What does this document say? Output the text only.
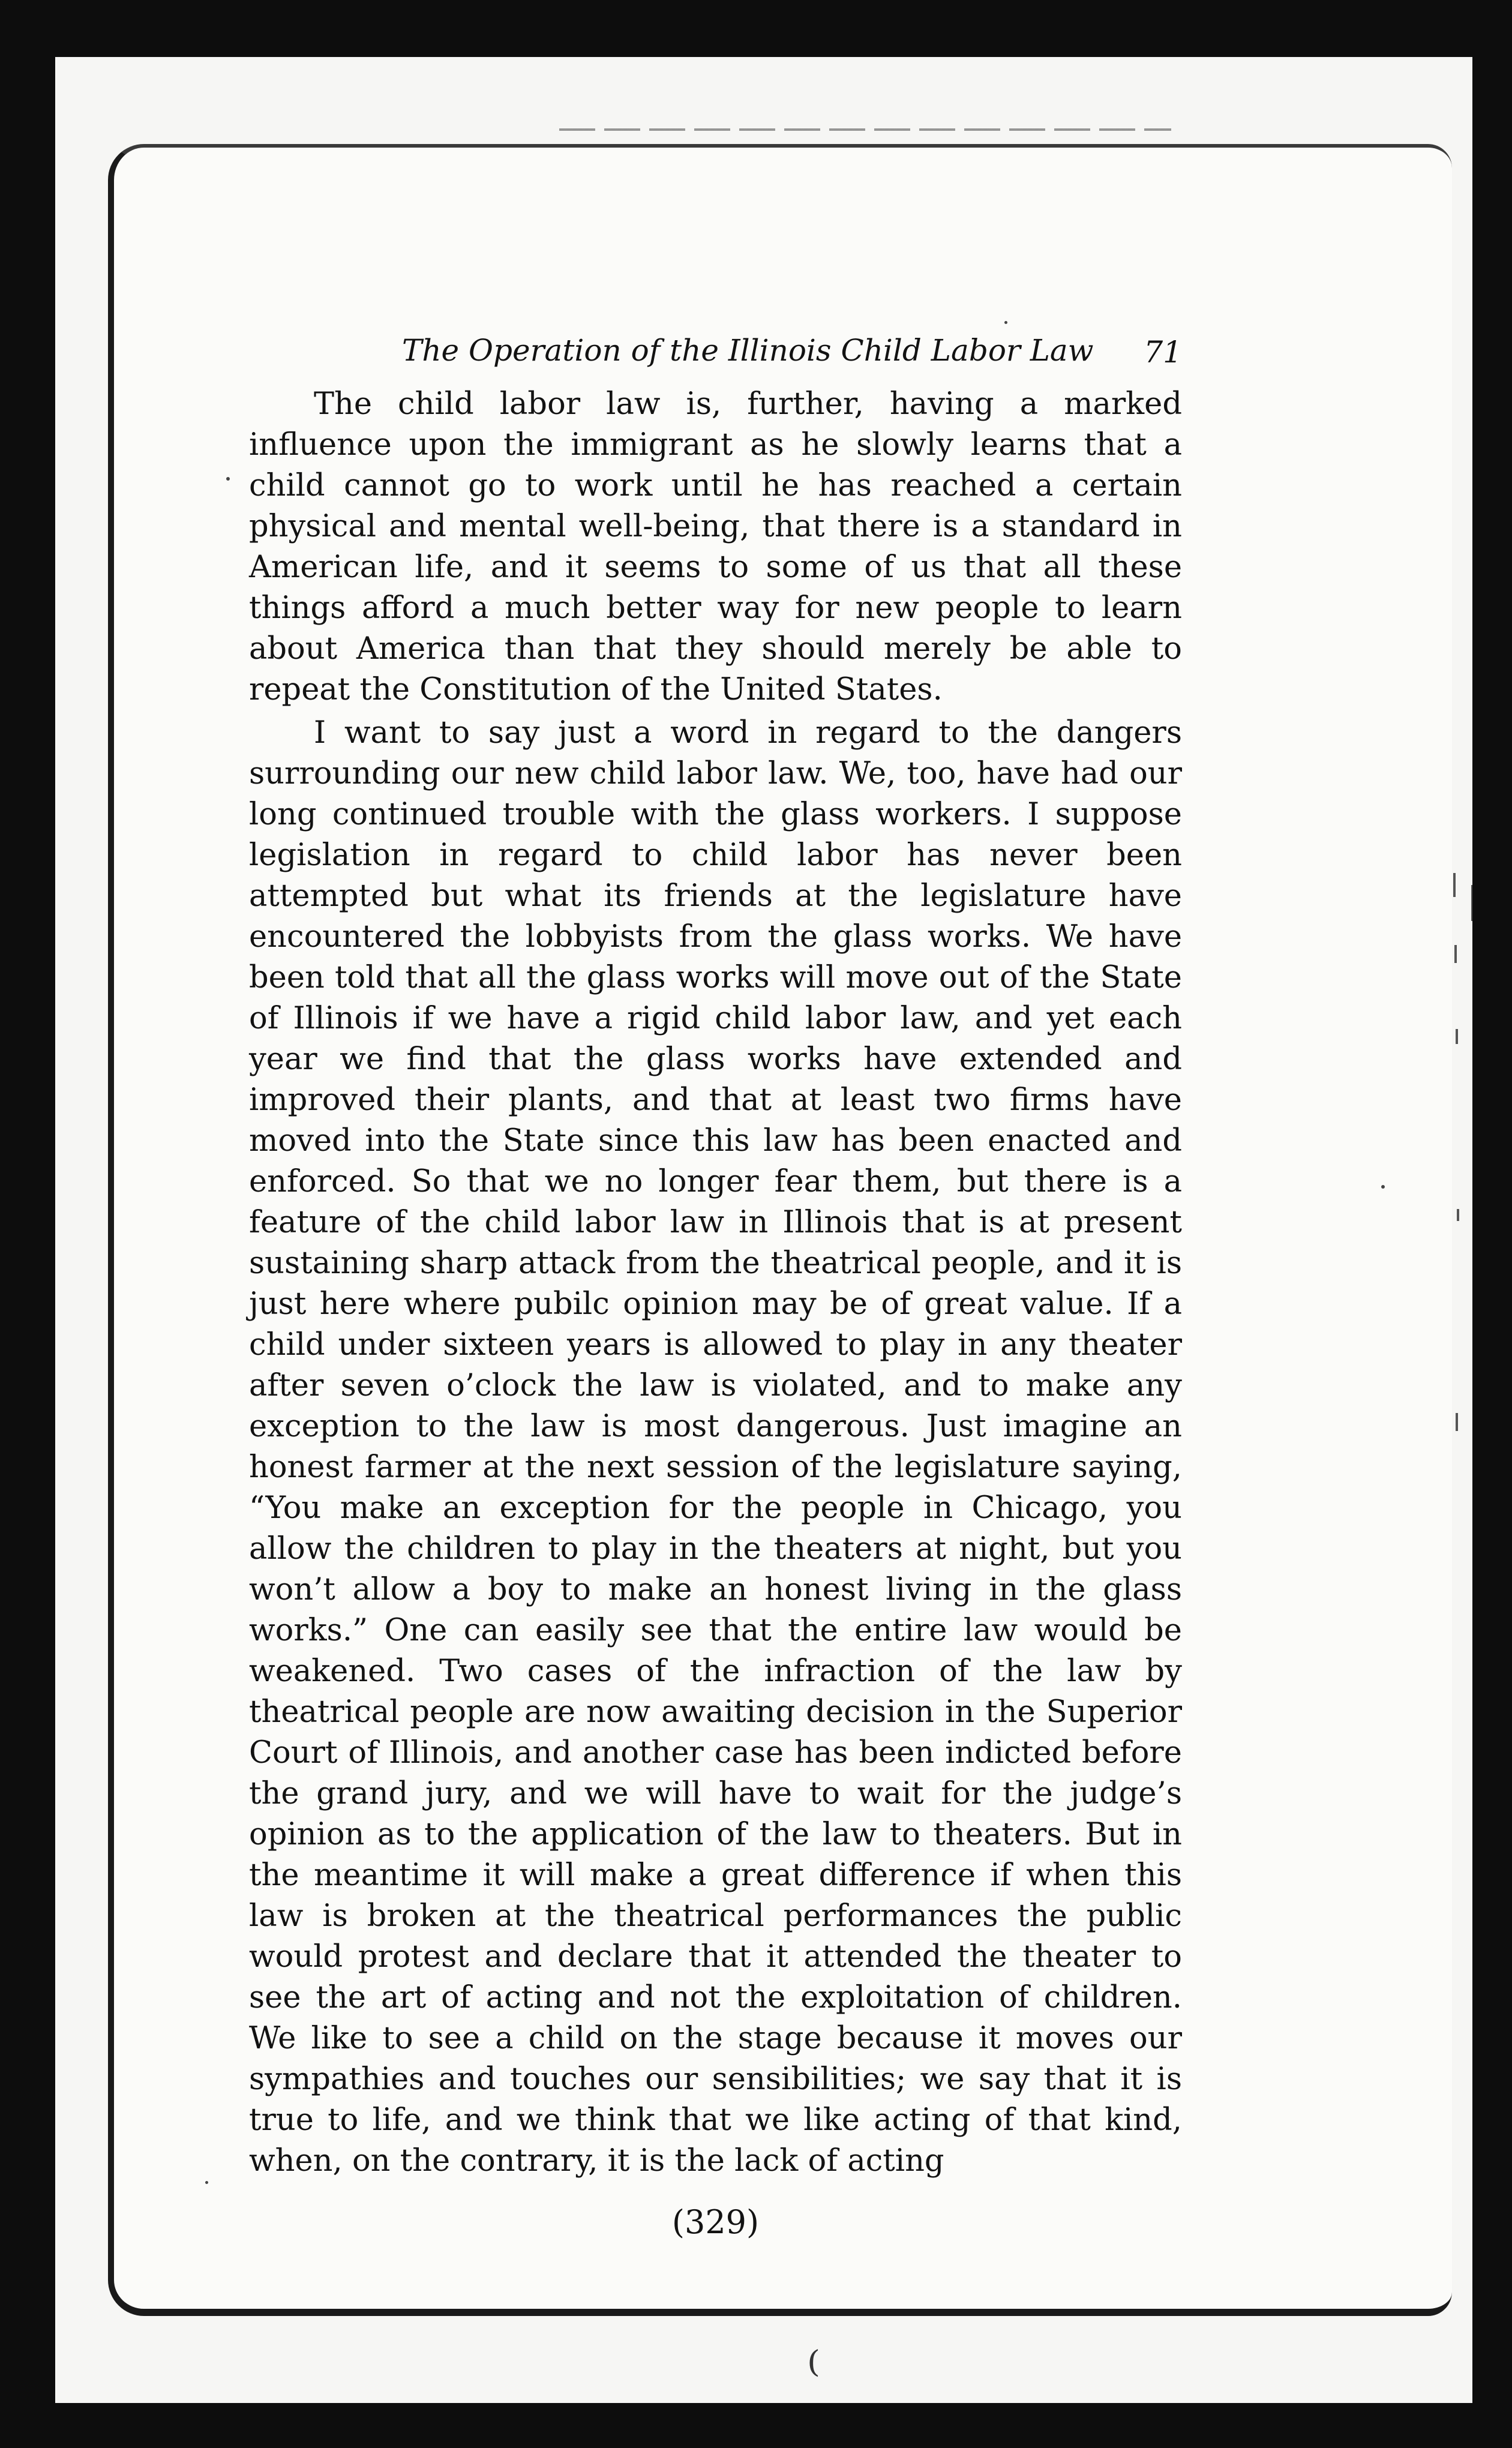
The Operation of the Illinois Child Labor Law 71

The child labor law is, further, having a marked influence upon the immigrant as he slowly learns that a child cannot go to work until he has reached a certain physical and mental well-being, that there is a standard in American life, and it seems to some of us that all these things afford a much better way for new people to learn about America than that they should merely be able to repeat the Constitution of the United States.

I want to say just a word in regard to the dangers surrounding our new child labor law. We, too, have had our long continued trouble with the glass workers. I suppose legislation in regard to child labor has never been attempted but what its friends at the legislature have encountered the lobbyists from the glass works. We have been told that all the glass works will move out of the State of Illinois if we have a rigid child labor law, and yet each year we find that the glass works have extended and improved their plants, and that at least two firms have moved into the State since this law has been enacted and enforced. So that we no longer fear them, but there is a feature of the child labor law in Illinois that is at present sustaining sharp attack from the theatrical people, and it is just here where pubilc opinion may be of great value. If a child under sixteen years is allowed to play in any theater after seven o’clock the law is violated, and to make any exception to the law is most dangerous. Just imagine an honest farmer at the next session of the legislature saying, “You make an exception for the people in Chicago, you allow the children to play in the theaters at night, but you won’t allow a boy to make an honest living in the glass works.” One can easily see that the entire law would be weakened. Two cases of the infraction of the law by theatrical people are now awaiting decision in the Superior Court of Illinois, and another case has been indicted before the grand jury, and we will have to wait for the judge’s opinion as to the application of the law to theaters. But in the meantime it will make a great difference if when this law is broken at the theatrical performances the public would protest and declare that it attended the theater to see the art of acting and not the exploitation of children. We like to see a child on the stage because it moves our sympathies and touches our sensibilities; we say that it is true to life, and we think that we like acting of that kind, when, on the contrary, it is the lack of acting

(329)
⁽
